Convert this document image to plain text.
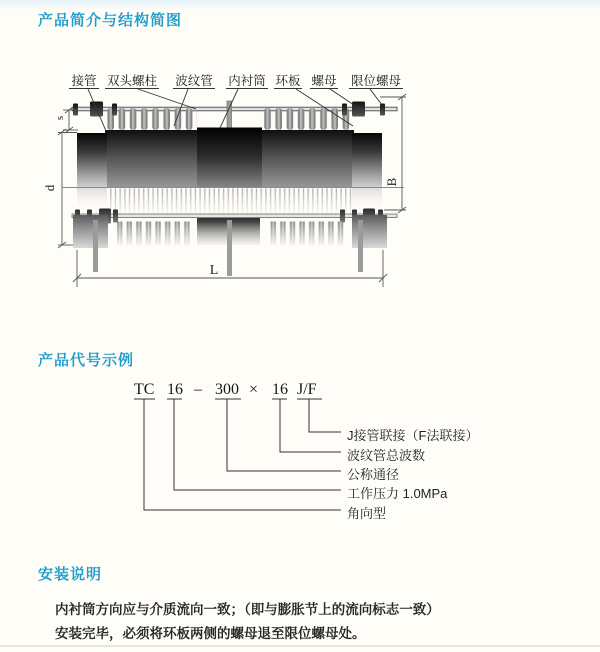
产品简介与结构简图
s
d
B
L
接管 双头螺柱 波纹管 内衬筒 环板 螺母 限位螺母
产品代号示例
TC 16 – 300 × 16 J/F
J接管联接（F法联接）
波纹管总波数
公称通径
工作压力 1.0MPa
角向型
安装说明
内衬筒方向应与介质流向一致；（即与膨胀节上的流向标志一致）
安装完毕，必须将环板两侧的螺母退至限位螺母处。
